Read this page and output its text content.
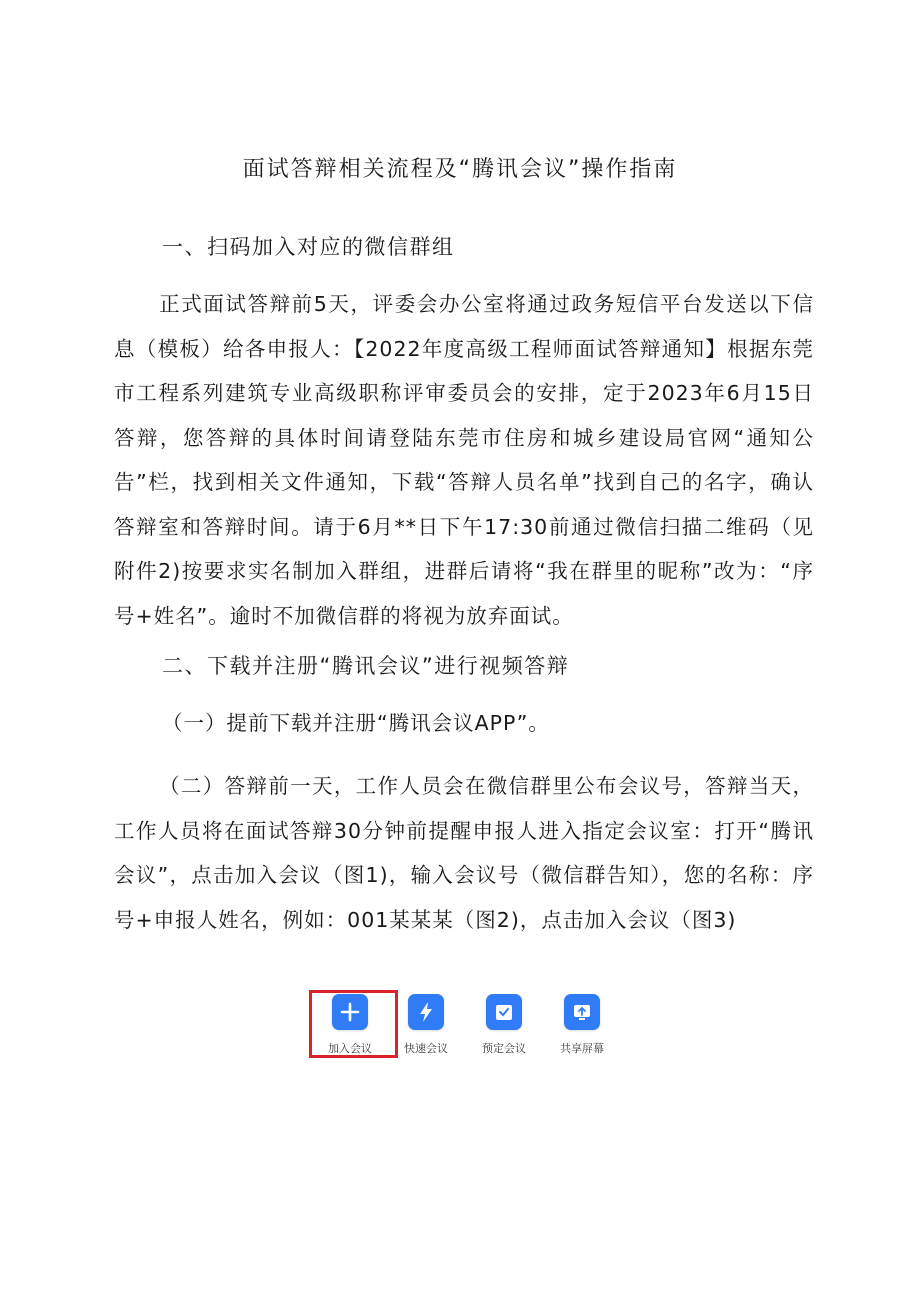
面试答辩相关流程及“腾讯会议”操作指南
一、扫码加入对应的微信群组

正式面试答辩前5天，评委会办公室将通过政务短信平台发送以下信息（模板）给各申报人：【2022年度高级工程师面试答辩通知】根据东莞市工程系列建筑专业高级职称评审委员会的安排，定于2023年6月15日答辩，您答辩的具体时间请登陆东莞市住房和城乡建设局官网“通知公告”栏，找到相关文件通知，下载“答辩人员名单”找到自己的名字，确认答辩室和答辩时间。请于6月**日下午17:30前通过微信扫描二维码（见附件2)按要求实名制加入群组，进群后请将“我在群里的昵称”改为：“序号+姓名”。逾时不加微信群的将视为放弃面试。

二、下载并注册“腾讯会议”进行视频答辩
（一）提前下载并注册“腾讯会议APP”。

（二）答辩前一天，工作人员会在微信群里公布会议号，答辩当天，工作人员将在面试答辩30分钟前提醒申报人进入指定会议室：打开“腾讯会议”，点击加入会议（图1)，输入会议号（微信群告知），您的名称：序号+申报人姓名，例如：001某某某（图2)，点击加入会议（图3)

加入会议	快速会议	预定会议	共享屏幕
